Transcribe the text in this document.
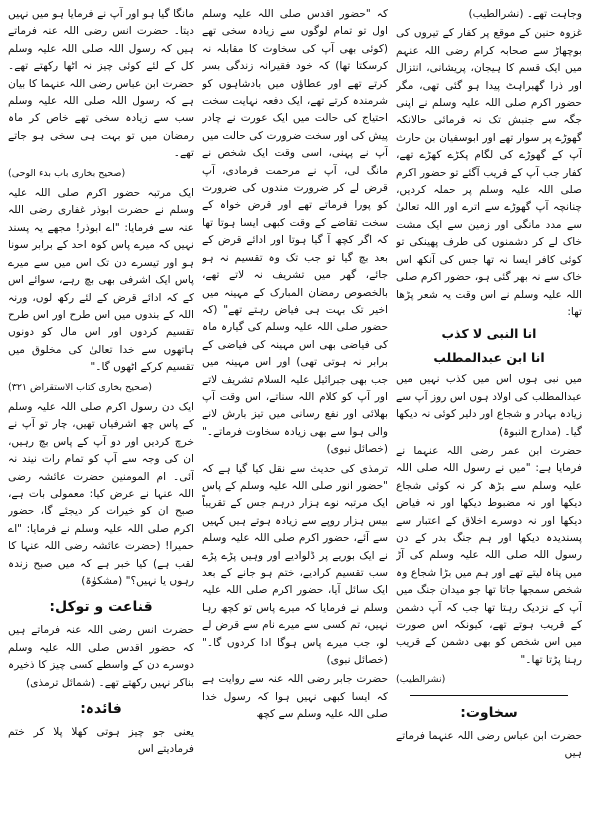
وجاہت تھے۔ (نشرالطیب)

غزوہ حنین کے موقع پر کفار کے تیروں کی بوچھاڑ سے صحابہ کرام رضی اللہ عنہم میں ایک قسم کا ہیجان، پریشانی، انتزال اور ذرا گھبراہٹ پیدا ہو گئی تھی، مگر حضور اکرم صلی اللہ علیہ وسلم نے اپنی جگہ سے جنبش تک نہ فرمائی حالانکہ گھوڑے پر سوار تھے اور ابوسفیان بن حارث آپ کے گھوڑے کی لگام پکڑے کھڑے تھے، کفار جب آپ کے قریب آگئے تو حضور اکرم صلی اللہ علیہ وسلم پر حملہ کردیں، چنانچہ آپ گھوڑے سے اترے اور اللہ تعالیٰ سے مدد مانگی اور زمین سے ایک مشت خاک لے کر دشمنوں کی طرف پھینکی تو کوئی کافر ایسا نہ تھا جس کی آنکھ اس خاک سے نہ بھر گئی ہو، حضور اکرم صلی اللہ علیہ وسلم نے اس وقت یہ شعر پڑھا تھا:

انا النبی لا کذب
انا ابن عبدالمطلب

میں نبی ہوں اس میں کذب نہیں میں عبدالمطلب کی اولاد ہوں اس روز آپ سے زیادہ بہادر و شجاع اور دلیر کوئی نہ دیکھا گیا۔ (مدارج النبوۃ)

حضرت ابن عمر رضی اللہ عنہما نے فرمایا ہے: "میں نے رسول اللہ صلی اللہ علیہ وسلم سے بڑھ کر نہ کوئی شجاع دیکھا اور نہ مضبوط دیکھا اور نہ فیاض دیکھا اور نہ دوسرے اخلاق کے اعتبار سے پسندیدہ دیکھا اور ہم جنگ بدر کے دن رسول اللہ صلی اللہ علیہ وسلم کی آڑ میں پناہ لیتے تھے اور ہم میں بڑا شجاع وہ شخص سمجھا جاتا تھا جو میدان جنگ میں آپ کے نزدیک رہتا تھا جب کہ آپ دشمن کے قریب ہوتے تھے، کیونکہ اس صورت میں اس شخص کو بھی دشمن کے قریب رہنا پڑتا تھا۔"

(نشرالطیب)
سخاوت:

حضرت ابن عباس رضی اللہ عنہما فرماتے ہیں

کہ "حضور اقدس صلی اللہ علیہ وسلم اول تو تمام لوگوں سے زیادہ سخی تھے (کوئی بھی آپ کی سخاوت کا مقابلہ نہ کرسکتا تھا) کہ خود فقیرانہ زندگی بسر کرتے تھے اور عطاؤں میں بادشاہوں کو شرمندہ کرتے تھے، ایک دفعہ نہایت سخت احتیاج کی حالت میں ایک عورت نے چادر پیش کی اور سخت ضرورت کی حالت میں آپ نے پہنی، اسی وقت ایک شخص نے مانگ لی، آپ نے مرحمت فرمادی، آپ قرض لے کر ضرورت مندوں کی ضرورت کو پورا فرماتے تھے اور قرض خواہ کے سخت تقاضے کے وقت کبھی ایسا ہوتا تھا کہ اگر کچھ آ گیا ہوتا اور ادائے قرض کے بعد بچ گیا تو جب تک وہ تقسیم نہ ہو جائے، گھر میں تشریف نہ لاتے تھے، بالخصوص رمضان المبارک کے مہینہ میں اخیر تک بہت ہی فیاض رہتے تھے" (کہ حضور صلی اللہ علیہ وسلم کی گیارہ ماہ کی فیاضی بھی اس مہینہ کی فیاضی کے برابر نہ ہوتی تھی) اور اس مہینہ میں جب بھی جبرائیل علیہ السلام تشریف لاتے اور آپ کو کلام اللہ سناتے، اس وقت آپ بھلائی اور نفع رسانی میں تیز بارش لانے والی ہوا سے بھی زیادہ سخاوت فرماتے۔" (خصائل نبوی)

ترمذی کی حدیث سے نقل کیا گیا ہے کہ "حضور انور صلی اللہ علیہ وسلم کے پاس ایک مرتبہ نوے ہزار درہم جس کے تقریباً بیس ہزار روپے سے زیادہ ہوتے ہیں کہیں سے آئے، حضور اکرم صلی اللہ علیہ وسلم نے ایک بوریے پر ڈلوادیے اور وہیں پڑے پڑے سب تقسیم کرادیے، ختم ہو جانے کے بعد ایک سائل آیا، حضور اکرم صلی اللہ علیہ وسلم نے فرمایا کہ میرے پاس تو کچھ رہا نہیں، تم کسی سے میرے نام سے قرض لے لو، جب میرے پاس ہوگا ادا کردوں گا۔" (خصائل نبوی)

حضرت جابر رضی اللہ عنہ سے روایت ہے کہ ایسا کبھی نہیں ہوا کہ رسول خدا صلی اللہ علیہ وسلم سے کچھ

مانگا گیا ہو اور آپ نے فرمایا ہو میں نہیں دیتا۔ حضرت انس رضی اللہ عنہ فرماتے ہیں کہ رسول اللہ صلی اللہ علیہ وسلم کل کے لئے کوئی چیز نہ اٹھا رکھتے تھے۔ حضرت ابن عباس رضی اللہ عنہما کا بیان ہے کہ رسول اللہ صلی اللہ علیہ وسلم سب سے زیادہ سخی تھے خاص کر ماہ رمضان میں تو بہت ہی سخی ہو جاتے تھے۔

(صحیح بخاری باب بدء الوحی)

ایک مرتبہ حضور اکرم صلی اللہ علیہ وسلم نے حضرت ابوذر غفاری رضی اللہ عنہ سے فرمایا: "اے ابوذر! مجھے یہ پسند نہیں کہ میرے پاس کوہ احد کے برابر سونا ہو اور تیسرے دن تک اس میں سے میرے پاس ایک اشرفی بھی بچ رہے، سوائے اس کے کہ ادائے قرض کے لئے رکھ لوں، ورنہ اللہ کے بندوں میں اس طرح اور اس طرح تقسیم کردوں اور اس مال کو دونوں ہاتھوں سے خدا تعالیٰ کی مخلوق میں تقسیم کرکے اٹھوں گا۔"

(صحیح بخاری کتاب الاستقراض ۳۲۱)

ایک دن رسول اکرم صلی اللہ علیہ وسلم کے پاس چھ اشرفیاں تھیں، چار تو آپ نے خرچ کردیں اور دو آپ کے پاس بچ رہیں، ان کی وجہ سے آپ کو تمام رات نیند نہ آئی۔ ام المومنین حضرت عائشہ رضی اللہ عنہا نے عرض کیا: معمولی بات ہے، صبح ان کو خیرات کر دیجئے گا، حضور اکرم صلی اللہ علیہ وسلم نے فرمایا: "اے حمیرا! (حضرت عائشہ رضی اللہ عنہا کا لقب ہے) کیا خبر ہے کہ میں صبح زندہ رہوں یا نہیں؟" (مشکوٰۃ)

قناعت و توکل:

حضرت انس رضی اللہ عنہ فرماتے ہیں کہ حضور اقدس صلی اللہ علیہ وسلم دوسرے دن کے واسطے کسی چیز کا ذخیرہ بناکر نہیں رکھتے تھے۔ (شمائل ترمذی)

فائدہ:

یعنی جو چیز ہوتی کھلا پلا کر ختم فرمادیتے اس
